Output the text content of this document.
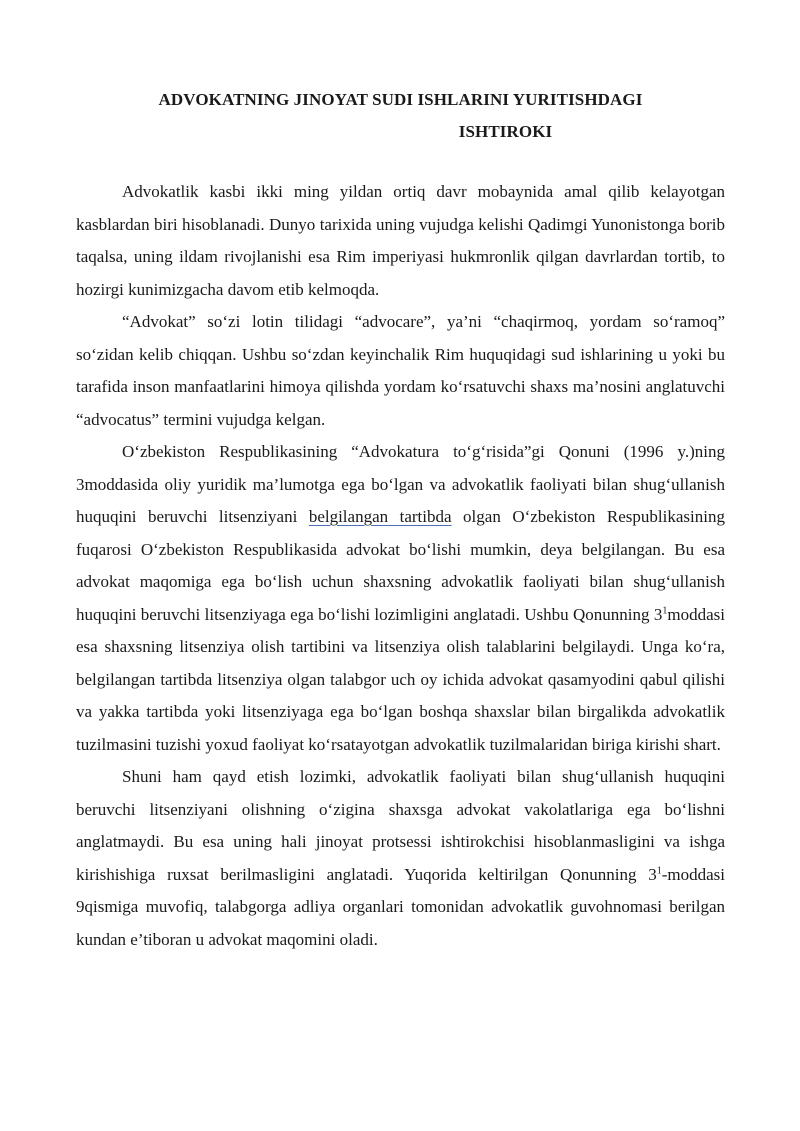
ADVOKATNING JINOYAT SUDI ISHLARINI YURITISHDAGI
ISHTIROKI

Advokatlik kasbi ikki ming yildan ortiq davr mobaynida amal qilib kelayotgan kasblardan biri hisoblanadi. Dunyo tarixida uning vujudga kelishi Qadimgi Yunonistonga borib taqalsa, uning ildam rivojlanishi esa Rim imperiyasi hukmronlik qilgan davrlardan tortib, to hozirgi kunimizgacha davom etib kelmoqda.

“Advokat” so‘zi lotin tilidagi “advocare”, ya’ni “chaqirmoq, yordam so‘ramoq” so‘zidan kelib chiqqan. Ushbu so‘zdan keyinchalik Rim huquqidagi sud ishlarining u yoki bu tarafida inson manfaatlarini himoya qilishda yordam ko‘rsatuvchi shaxs ma’nosini anglatuvchi “advocatus” termini vujudga kelgan.

O‘zbekiston Respublikasining “Advokatura to‘g‘risida”gi Qonuni (1996 y.)ning 3moddasida oliy yuridik ma’lumotga ega bo‘lgan va advokatlik faoliyati bilan shug‘ullanish huquqini beruvchi litsenziyani belgilangan tartibda olgan O‘zbekiston Respublikasining fuqarosi O‘zbekiston Respublikasida advokat bo‘lishi mumkin, deya belgilangan. Bu esa advokat maqomiga ega bo‘lish uchun shaxsning advokatlik faoliyati bilan shug‘ullanish huquqini beruvchi litsenziyaga ega bo‘lishi lozimligini anglatadi. Ushbu Qonunning $3^1moddasi$ esa shaxsning litsenziya olish tartibini va litsenziya olish talablarini belgilaydi. Unga ko‘ra, belgilangan tartibda litsenziya olgan talabgor uch oy ichida advokat qasamyodini qabul qilishi va yakka tartibda yoki litsenziyaga ega bo‘lgan boshqa shaxslar bilan birgalikda advokatlik tuzilmasini tuzishi yoxud faoliyat ko‘rsatayotgan advokatlik tuzilmalaridan biriga kirishi shart.

Shuni ham qayd etish lozimki, advokatlik faoliyati bilan shug‘ullanish huquqini beruvchi litsenziyani olishning o‘zigina shaxsga advokat vakolatlariga ega bo‘lishni anglatmaydi. Bu esa uning hali jinoyat protsessi ishtirokchisi hisoblanmasligini va ishga kirishishiga ruxsat berilmasligini anglatadi. Yuqorida keltirilgan Qonunning $3^1$-moddasi 9qismiga muvofiq, talabgorga adliya organlari tomonidan advokatlik guvohnomasi berilgan kundan e’tiboran u advokat maqomini oladi.
